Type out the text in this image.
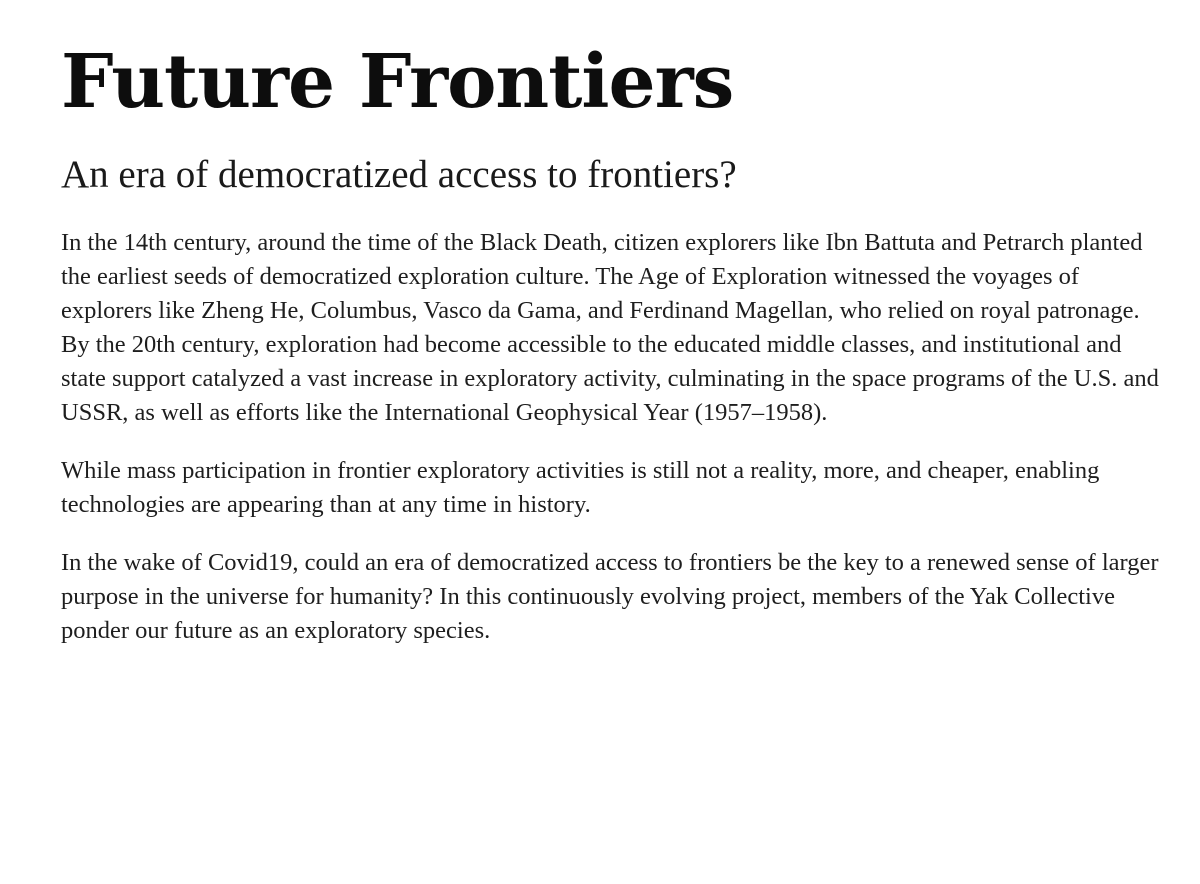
Future Frontiers
An era of democratized access to frontiers?

In the 14th century, around the time of the Black Death, citizen explorers like Ibn Battuta and Petrarch planted the earliest seeds of democratized exploration culture. The Age of Exploration witnessed the voyages of explorers like Zheng He, Columbus, Vasco da Gama, and Ferdinand Magellan, who relied on royal patronage. By the 20th century, exploration had become accessible to the educated middle classes, and institutional and state support catalyzed a vast increase in exploratory activity, culminating in the space programs of the U.S. and USSR, as well as efforts like the International Geophysical Year (1957–1958).

While mass participation in frontier exploratory activities is still not a reality, more, and cheaper, enabling technologies are appearing than at any time in history.

In the wake of Covid19, could an era of democratized access to frontiers be the key to a renewed sense of larger purpose in the universe for humanity? In this continuously evolving project, members of the Yak Collective ponder our future as an exploratory species.
